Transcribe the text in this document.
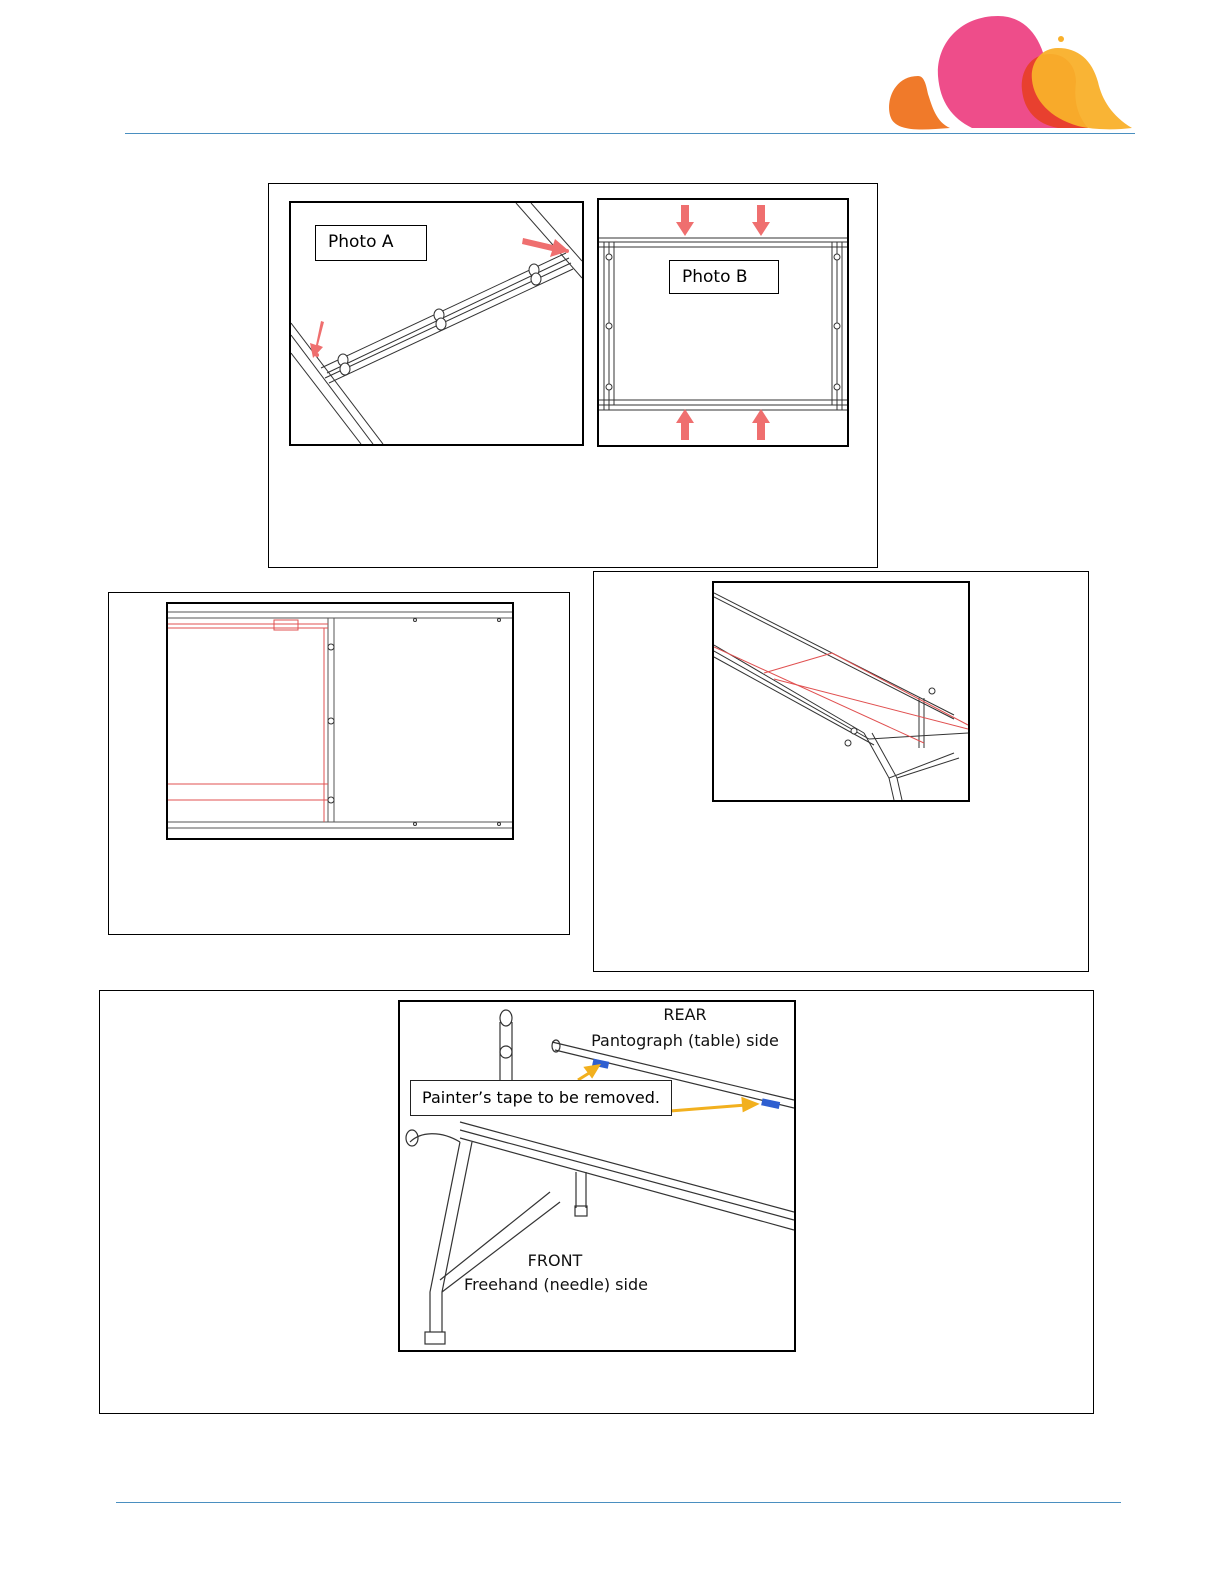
Photo A
Photo B
REAR
Pantograph (table) side
Painter’s tape to be removed.
FRONT
Freehand (needle) side
